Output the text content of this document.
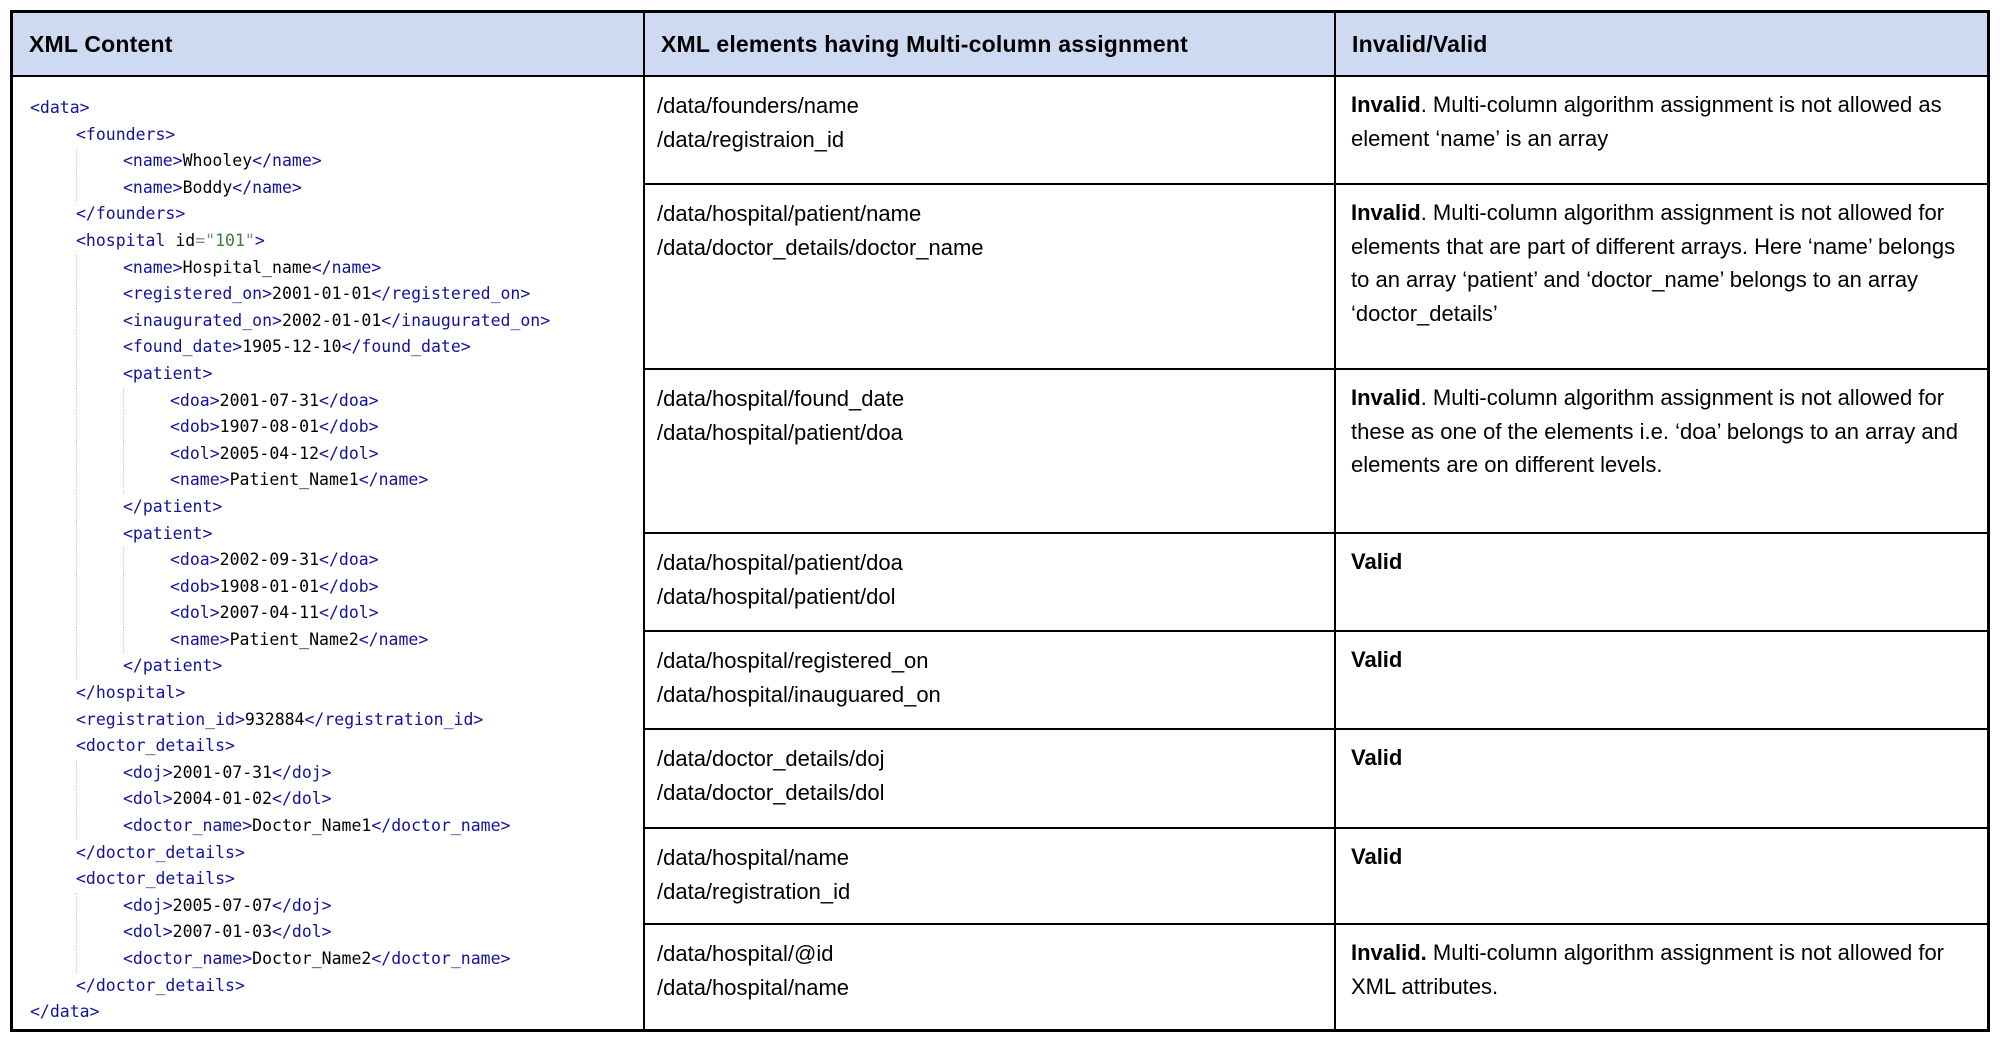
XML Content	XML elements having Multi-column assignment	Invalid/Valid
<data>
<founders>
<name> Whooley </name>
<name> Boddy </name>
</founders>
<hospital id =" 101 " >
<name> Hospital_name </name>
<registered_on> 2001-01-01 </registered_on>
<inaugurated_on> 2002-01-01 </inaugurated_on>
<found_date> 1905-12-10 </found_date>
<patient>
<doa> 2001-07-31 </doa>
<dob> 1907-08-01 </dob>
<dol> 2005-04-12 </dol>
<name> Patient_Name1 </name>
</patient>
<patient>
<doa> 2002-09-31 </doa>
<dob> 1908-01-01 </dob>
<dol> 2007-04-11 </dol>
<name> Patient_Name2 </name>
</patient>
</hospital>
<registration_id> 932884 </registration_id>
<doctor_details>
<doj> 2001-07-31 </doj>
<dol> 2004-01-02 </dol>
<doctor_name> Doctor_Name1 </doctor_name>
</doctor_details>
<doctor_details>
<doj> 2005-07-07 </doj>
<dol> 2007-01-03 </dol>
<doctor_name> Doctor_Name2 </doctor_name>
</doctor_details>
</data>
/data/founders/name
/data/registraion_id
Invalid. Multi-column algorithm assignment is not allowed as element ‘name’ is an array
/data/hospital/patient/name
/data/doctor_details/doctor_name
Invalid. Multi-column algorithm assignment is not allowed for elements that are part of different arrays. Here ‘name’ belongs to an array ‘patient’ and ‘doctor_name’ belongs to an array ‘doctor_details’
/data/hospital/found_date
/data/hospital/patient/doa
Invalid. Multi-column algorithm assignment is not allowed for these as one of the elements i.e. ‘doa’ belongs to an array and elements are on different levels.
/data/hospital/patient/doa
/data/hospital/patient/dol
Valid
/data/hospital/registered_on
/data/hospital/inauguared_on
Valid
/data/doctor_details/doj
/data/doctor_details/dol
Valid
/data/hospital/name
/data/registration_id
Valid
/data/hospital/@id
/data/hospital/name
Invalid. Multi-column algorithm assignment is not allowed for XML attributes.
